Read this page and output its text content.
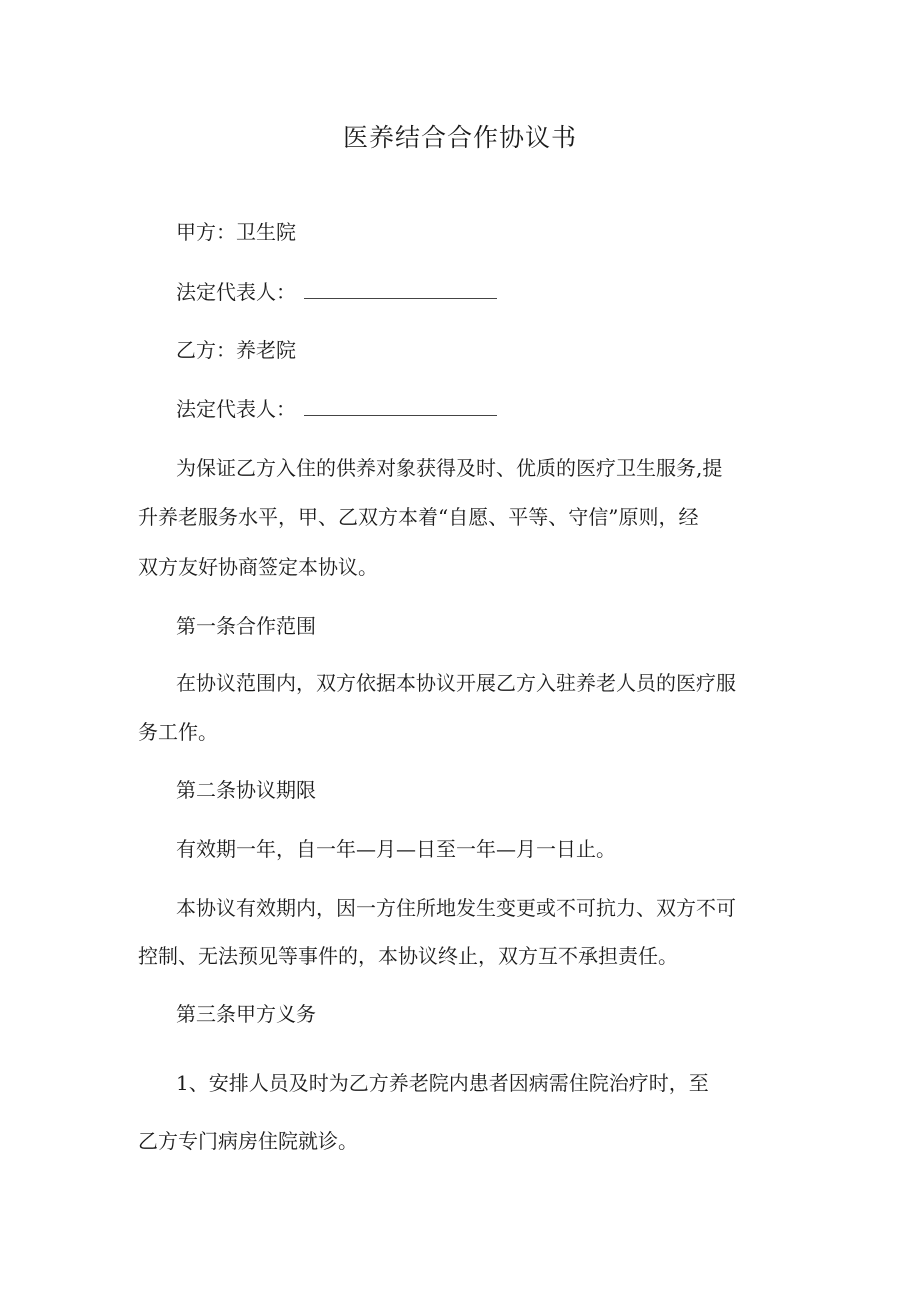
医养结合合作协议书
甲方：卫生院
法定代表人：
乙方：养老院
法定代表人：
为保证乙方入住的供养对象获得及时、优质的医疗卫生服务,提
升养老服务水平，甲、乙双方本着“自愿、平等、守信”原则，经
双方友好协商签定本协议。
第一条合作范围
在协议范围内，双方依据本协议开展乙方入驻养老人员的医疗服
务工作。
第二条协议期限
有效期一年，自一年—月—日至一年—月一日止。
本协议有效期内，因一方住所地发生变更或不可抗力、双方不可
控制、无法预见等事件的，本协议终止，双方互不承担责任。
第三条甲方义务
1、安排人员及时为乙方养老院内患者因病需住院治疗时，至
乙方专门病房住院就诊。
